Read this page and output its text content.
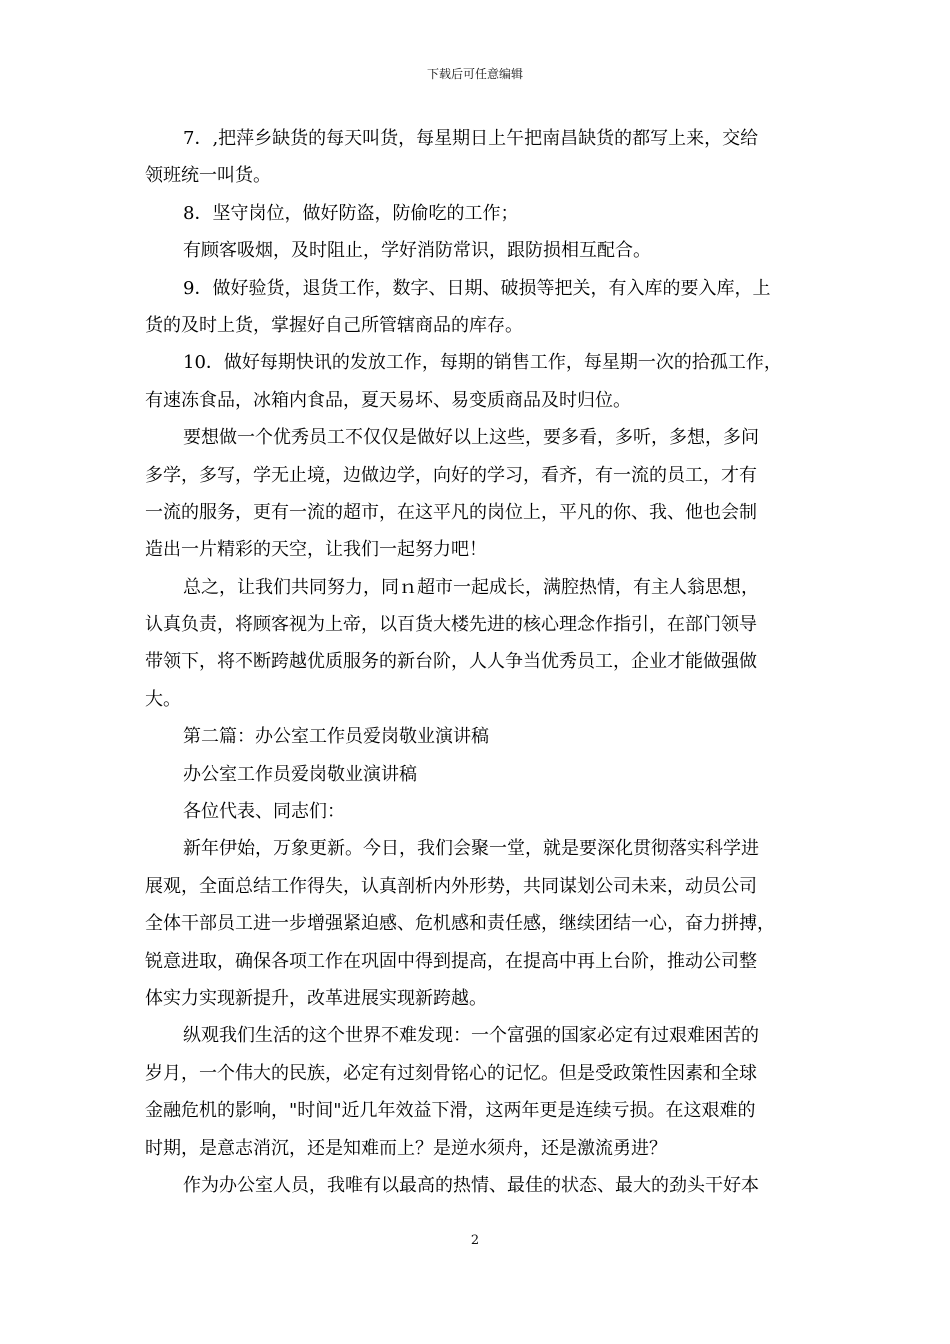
下载后可任意编辑
7．,把萍乡缺货的每天叫货，每星期日上午把南昌缺货的都写上来，交给
领班统一叫货。
8．坚守岗位，做好防盗，防偷吃的工作；
有顾客吸烟，及时阻止，学好消防常识，跟防损相互配合。
9．做好验货，退货工作，数字、日期、破损等把关，有入库的要入库，上
货的及时上货，掌握好自己所管辖商品的库存。
10．做好每期快讯的发放工作，每期的销售工作，每星期一次的拾孤工作，
有速冻食品，冰箱内食品，夏天易坏、易变质商品及时归位。
要想做一个优秀员工不仅仅是做好以上这些，要多看，多听，多想，多问
多学，多写，学无止境，边做边学，向好的学习，看齐，有一流的员工，才有
一流的服务，更有一流的超市，在这平凡的岗位上，平凡的你、我、他也会制
造出一片精彩的天空，让我们一起努力吧！
总之，让我们共同努力，同ｎ超市一起成长，满腔热情，有主人翁思想，
认真负责，将顾客视为上帝，以百货大楼先进的核心理念作指引，在部门领导
带领下，将不断跨越优质服务的新台阶，人人争当优秀员工，企业才能做强做
大。
第二篇：办公室工作员爱岗敬业演讲稿
办公室工作员爱岗敬业演讲稿
各位代表、同志们：
新年伊始，万象更新。今日，我们会聚一堂，就是要深化贯彻落实科学进
展观，全面总结工作得失，认真剖析内外形势，共同谋划公司未来，动员公司
全体干部员工进一步增强紧迫感、危机感和责任感，继续团结一心，奋力拼搏，
锐意进取，确保各项工作在巩固中得到提高，在提高中再上台阶，推动公司整
体实力实现新提升，改革进展实现新跨越。
纵观我们生活的这个世界不难发现：一个富强的国家必定有过艰难困苦的
岁月，一个伟大的民族，必定有过刻骨铭心的记忆。但是受政策性因素和全球
金融危机的影响，"时间"近几年效益下滑，这两年更是连续亏损。在这艰难的
时期，是意志消沉，还是知难而上？是逆水须舟，还是激流勇进？
作为办公室人员，我唯有以最高的热情、最佳的状态、最大的劲头干好本
2
